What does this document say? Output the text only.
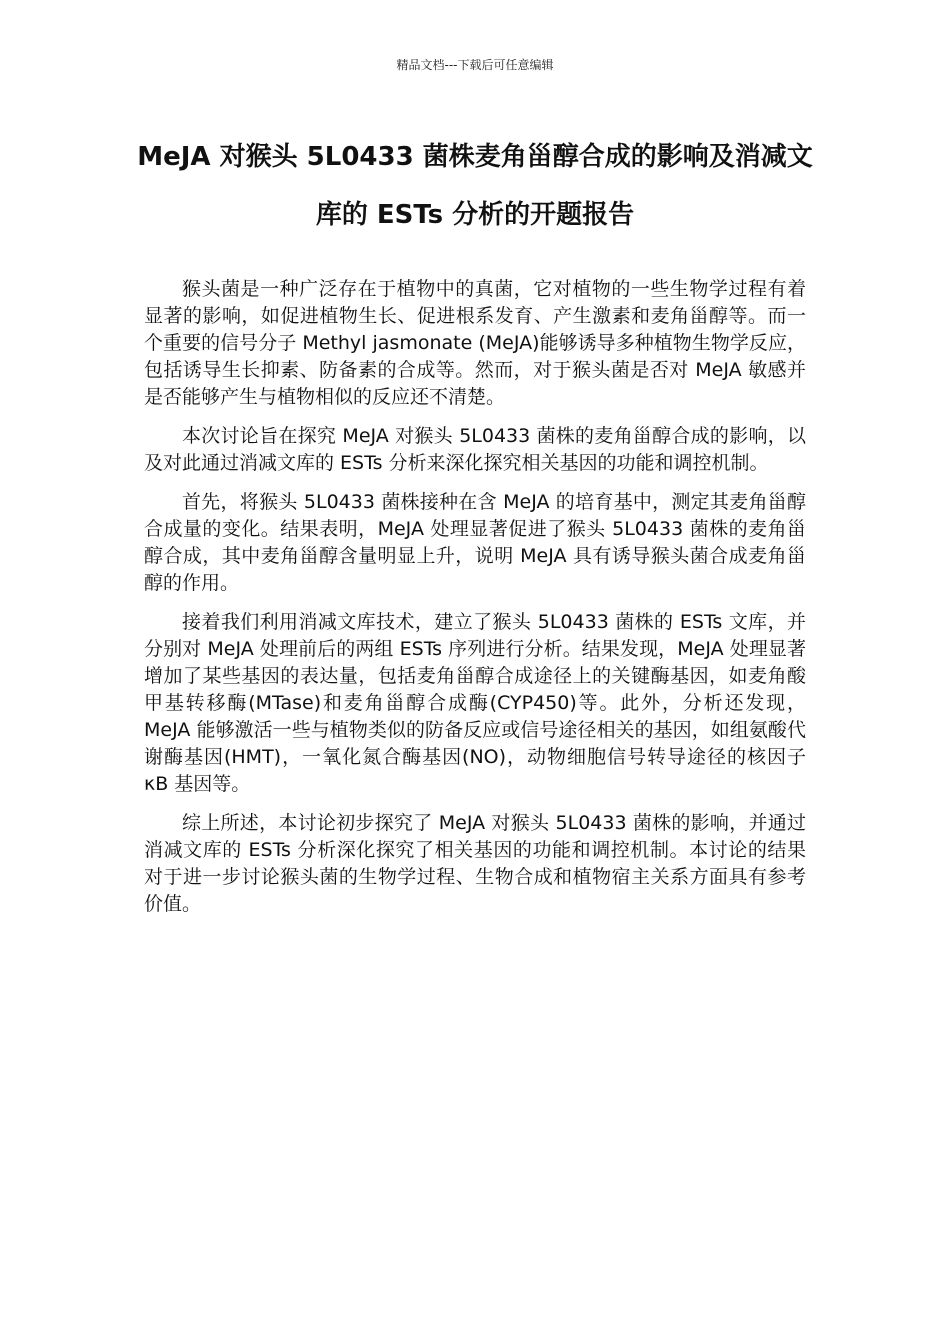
精品文档---下载后可任意编辑
MeJA 对猴头 5L0433 菌株麦角甾醇合成的影响及消减文库的 ESTs 分析的开题报告

猴头菌是一种广泛存在于植物中的真菌，它对植物的一些生物学过程有着显著的影响，如促进植物生长、促进根系发育、产生激素和麦角甾醇等。而一个重要的信号分子 Methyl jasmonate (MeJA)能够诱导多种植物生物学反应，包括诱导生长抑素、防备素的合成等。然而，对于猴头菌是否对 MeJA 敏感并是否能够产生与植物相似的反应还不清楚。

本次讨论旨在探究 MeJA 对猴头 5L0433 菌株的麦角甾醇合成的影响，以及对此通过消减文库的 ESTs 分析来深化探究相关基因的功能和调控机制。

首先，将猴头 5L0433 菌株接种在含 MeJA 的培育基中，测定其麦角甾醇合成量的变化。结果表明，MeJA 处理显著促进了猴头 5L0433 菌株的麦角甾醇合成，其中麦角甾醇含量明显上升，说明 MeJA 具有诱导猴头菌合成麦角甾醇的作用。

接着我们利用消减文库技术，建立了猴头 5L0433 菌株的 ESTs 文库，并分别对 MeJA 处理前后的两组 ESTs 序列进行分析。结果发现，MeJA 处理显著增加了某些基因的表达量，包括麦角甾醇合成途径上的关键酶基因，如麦角酸甲基转移酶(MTase)和麦角甾醇合成酶(CYP450)等。此外，分析还发现，MeJA 能够激活一些与植物类似的防备反应或信号途径相关的基因，如组氨酸代谢酶基因(HMT)，一氧化氮合酶基因(NO)，动物细胞信号转导途径的核因子 κB 基因等。

综上所述，本讨论初步探究了 MeJA 对猴头 5L0433 菌株的影响，并通过消减文库的 ESTs 分析深化探究了相关基因的功能和调控机制。本讨论的结果对于进一步讨论猴头菌的生物学过程、生物合成和植物宿主关系方面具有参考价值。
